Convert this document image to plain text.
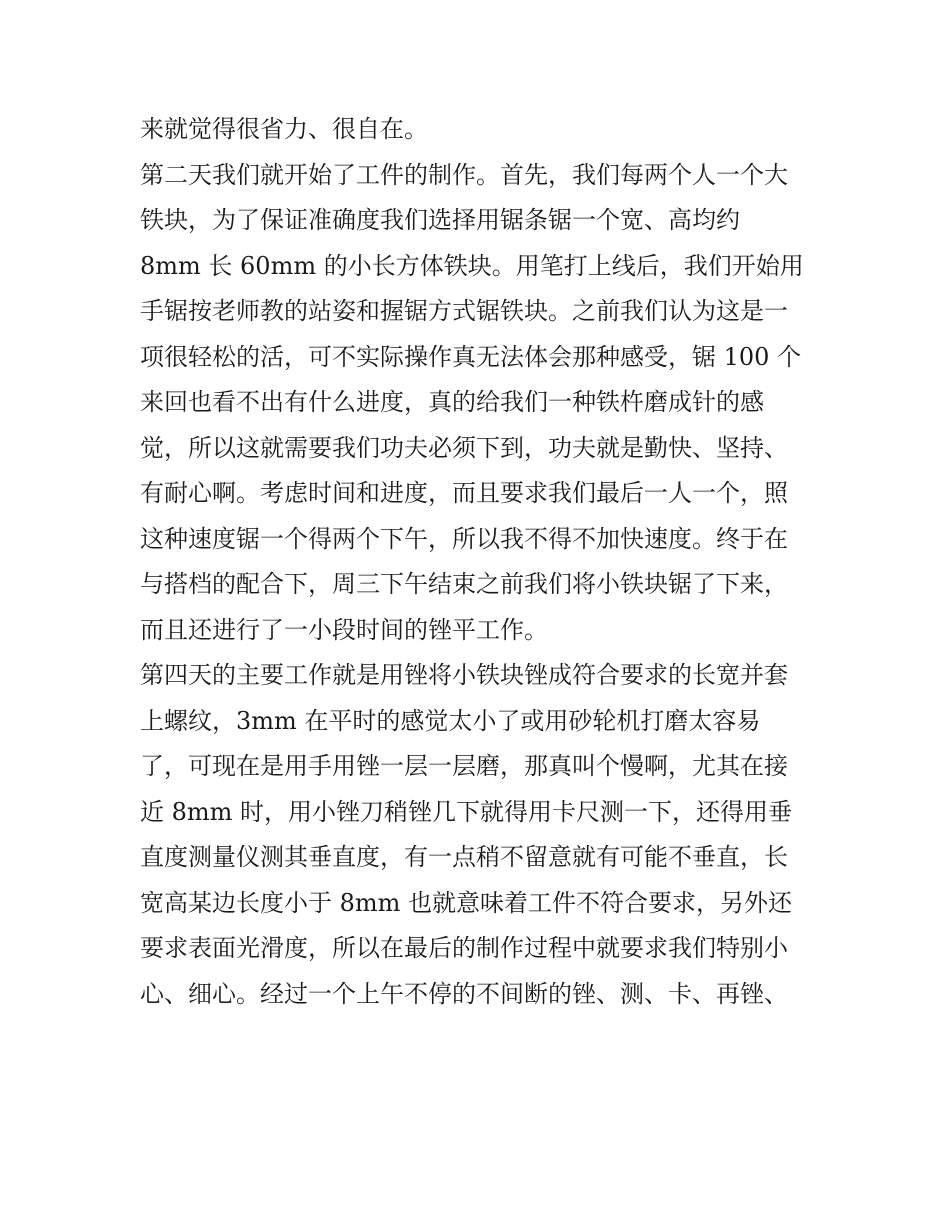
来就觉得很省力、很自在。
第二天我们就开始了工件的制作。首先，我们每两个人一个大
铁块，为了保证准确度我们选择用锯条锯一个宽、高均约
8mm 长 60mm 的小长方体铁块。用笔打上线后，我们开始用
手锯按老师教的站姿和握锯方式锯铁块。之前我们认为这是一
项很轻松的活，可不实际操作真无法体会那种感受，锯 100 个
来回也看不出有什么进度，真的给我们一种铁杵磨成针的感
觉，所以这就需要我们功夫必须下到，功夫就是勤快、坚持、
有耐心啊。考虑时间和进度，而且要求我们最后一人一个，照
这种速度锯一个得两个下午，所以我不得不加快速度。终于在
与搭档的配合下，周三下午结束之前我们将小铁块锯了下来，
而且还进行了一小段时间的锉平工作。
第四天的主要工作就是用锉将小铁块锉成符合要求的长宽并套
上螺纹，3mm 在平时的感觉太小了或用砂轮机打磨太容易
了，可现在是用手用锉一层一层磨，那真叫个慢啊，尤其在接
近 8mm 时，用小锉刀稍锉几下就得用卡尺测一下，还得用垂
直度测量仪测其垂直度，有一点稍不留意就有可能不垂直，长
宽高某边长度小于 8mm 也就意味着工件不符合要求，另外还
要求表面光滑度，所以在最后的制作过程中就要求我们特别小
心、细心。经过一个上午不停的不间断的锉、测、卡、再锉、
